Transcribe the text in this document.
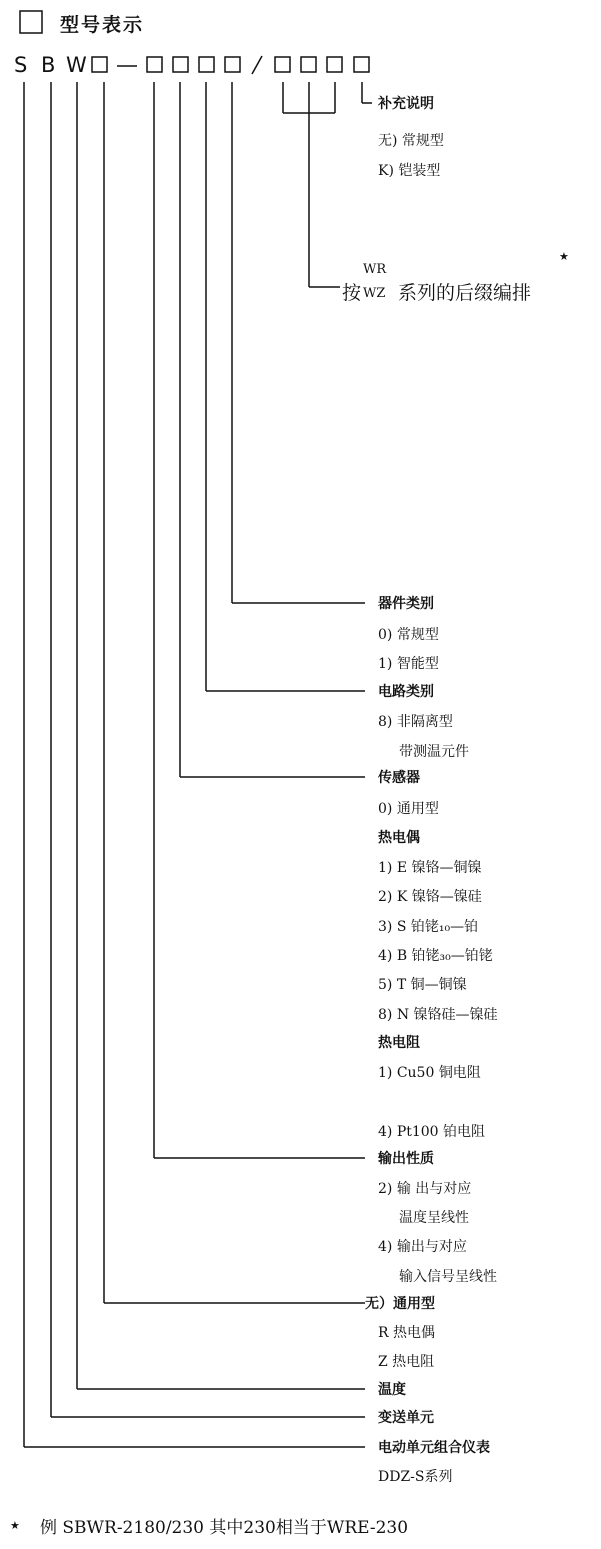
型号表示
S B W
补充说明
无) 常规型
K) 铠装型
按
WR
WZ 系列的后缀编排
★
器件类别
0) 常规型
1) 智能型
电路类别
8) 非隔离型
带测温元件
传感器
0) 通用型
热电偶
1) E 镍铬—铜镍
2) K 镍铬—镍硅
3) S 铂铑₁₀—铂
4) B 铂铑₃₀—铂铑
5) T 铜—铜镍
8) N 镍铬硅—镍硅
热电阻
1) Cu50 铜电阻
4) Pt100 铂电阻
输出性质
2) 输 出与对应
温度呈线性
4) 输出与对应
输入信号呈线性
无）通用型
R 热电偶
Z 热电阻
温度
变送单元
电动单元组合仪表
DDZ-S系列
★ 例 SBWR-2180/230 其中230相当于WRE-230
